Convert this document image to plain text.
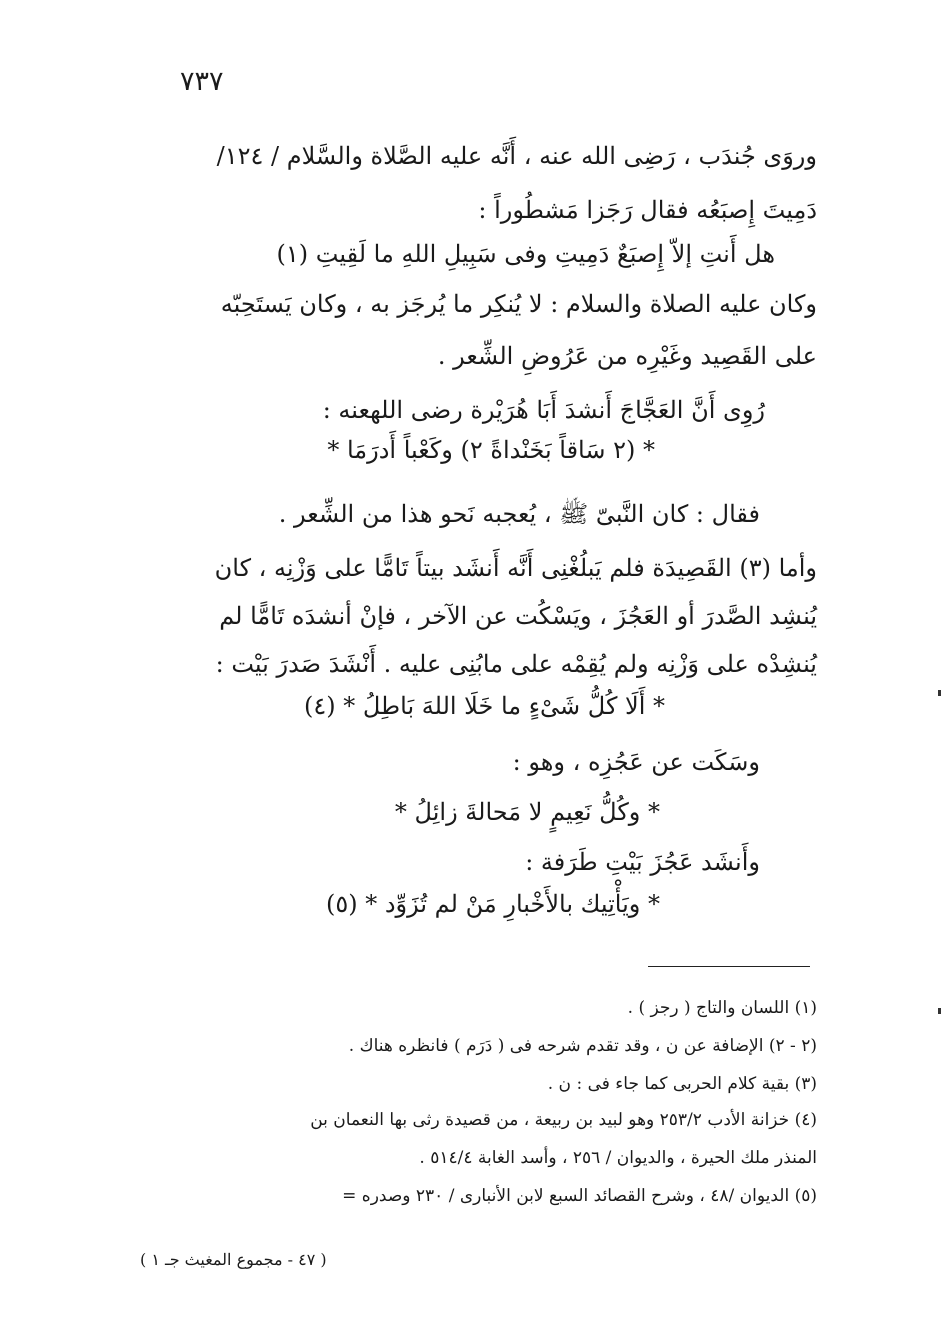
٧٣٧
وروَى جُندَب ، رَضِى الله عنه ، أَنَّه عليه الصَّلاة والسَّلام / ١٢٤/
دَمِيتَ إِصبَعُه فقال رَجَزا مَشطُوراً :
هل أَنتِ إلاّ إِصبَعٌ دَمِيتِ وفى سَبِيلِ اللهِ ما لَقِيتِ (١)
وكان عليه الصلاة والسلام : لا يُنكِر ما يُرجَز به ، وكان يَستَحِبّه
على القَصِيد وغَيْرِه من عَرُوضِ الشِّعر .
رُوِى أَنَّ العَجَّاجَ أَنشدَ أَبَا هُرَيْرة رضى اللهعنه :
* (٢ سَاقاً بَخَنْداةً ٢) وكَعْباً أَدرَمَا *
فقال : كان النَّبىّ ﷺ ، يُعجبه نَحو هذا من الشِّعر .
وأما (٣) القَصِيدَة فلم يَبلُغْنِى أَنَّه أَنشَد بيتاً تَامًّا على وَزْنِه ، كان
يُنشِد الصَّدرَ أو العَجُزَ ، ويَسْكُت عن الآخر ، فإنْ أنشدَه تَامًّا لم
يُنشِدْه على وَزْنِه ولم يُقِمْه على مابُنِى عليه . أَنْشَدَ صَدرَ بَيْت :
* أَلَا كُلُّ شَىْءٍ ما خَلَا اللهَ بَاطِلُ * (٤)
وسَكَت عن عَجُزِه ، وهو :
* وكُلُّ نَعِيمٍ لا مَحالةَ زائِلُ *
وأَنشَد عَجُزَ بَيْتِ طَرَفة :
* ويَأْتِيك بالأَخْبارِ مَنْ لم تُزَوِّد * (٥)
(١) اللسان والتاج ( رجز ) .
(٢ - ٢) الإضافة عن ن ، وقد تقدم شرحه فى ( دَرَم ) فانظره هناك .
(٣) بقية كلام الحربى كما جاء فى : ن .
(٤) خزانة الأدب ٢٥٣/٢ وهو لبيد بن ربيعة ، من قصيدة رثى بها النعمان بن
المنذر ملك الحيرة ، والديوان / ٢٥٦ ، وأسد الغابة ٥١٤/٤ .
(٥) الديوان /٤٨ ، وشرح القصائد السبع لابن الأنبارى / ٢٣٠ وصدره =
( ٤٧ - مجموع المغيث جـ ١ )
